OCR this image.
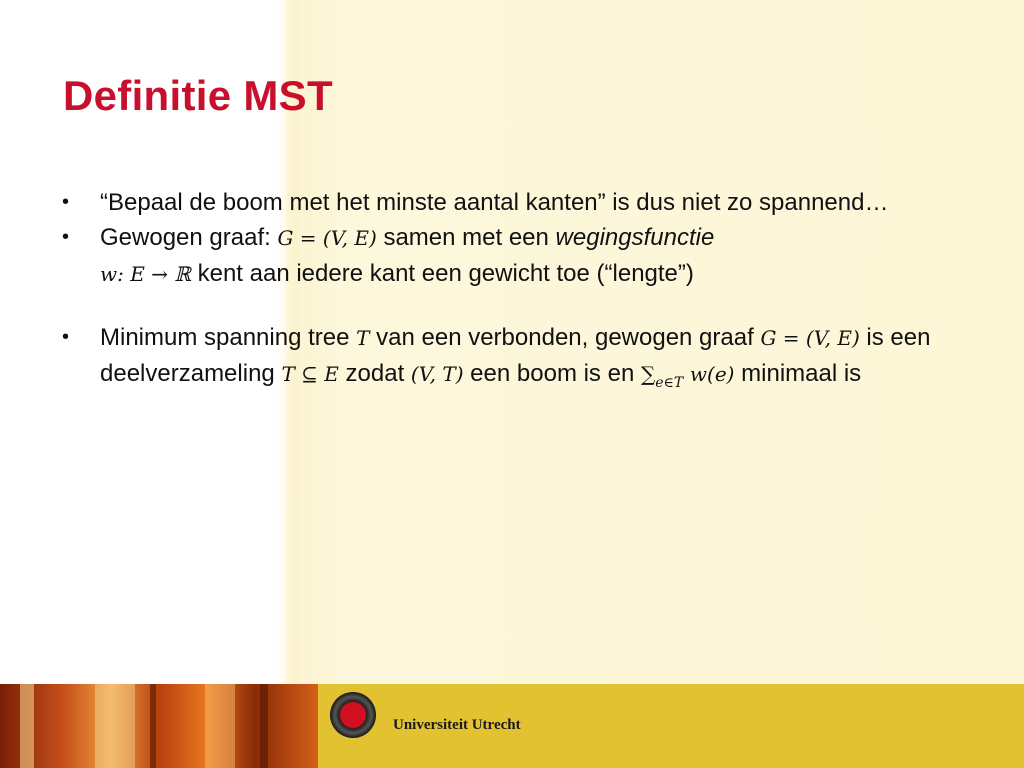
Definitie MST
•	“Bepaal de boom met het minste aantal kanten” is dus niet zo spannend…
•	Gewogen graaf: G = (V, E) samen met een wegingsfunctie
w: E → ℝ kent aan iedere kant een gewicht toe (“lengte”)
•	Minimum spanning tree T van een verbonden, gewogen graaf G = (V, E) is een deelverzameling T ⊆ E zodat (V, T) een boom is en $\sum_{e\in T}$ w(e) minimaal is
Universiteit Utrecht
